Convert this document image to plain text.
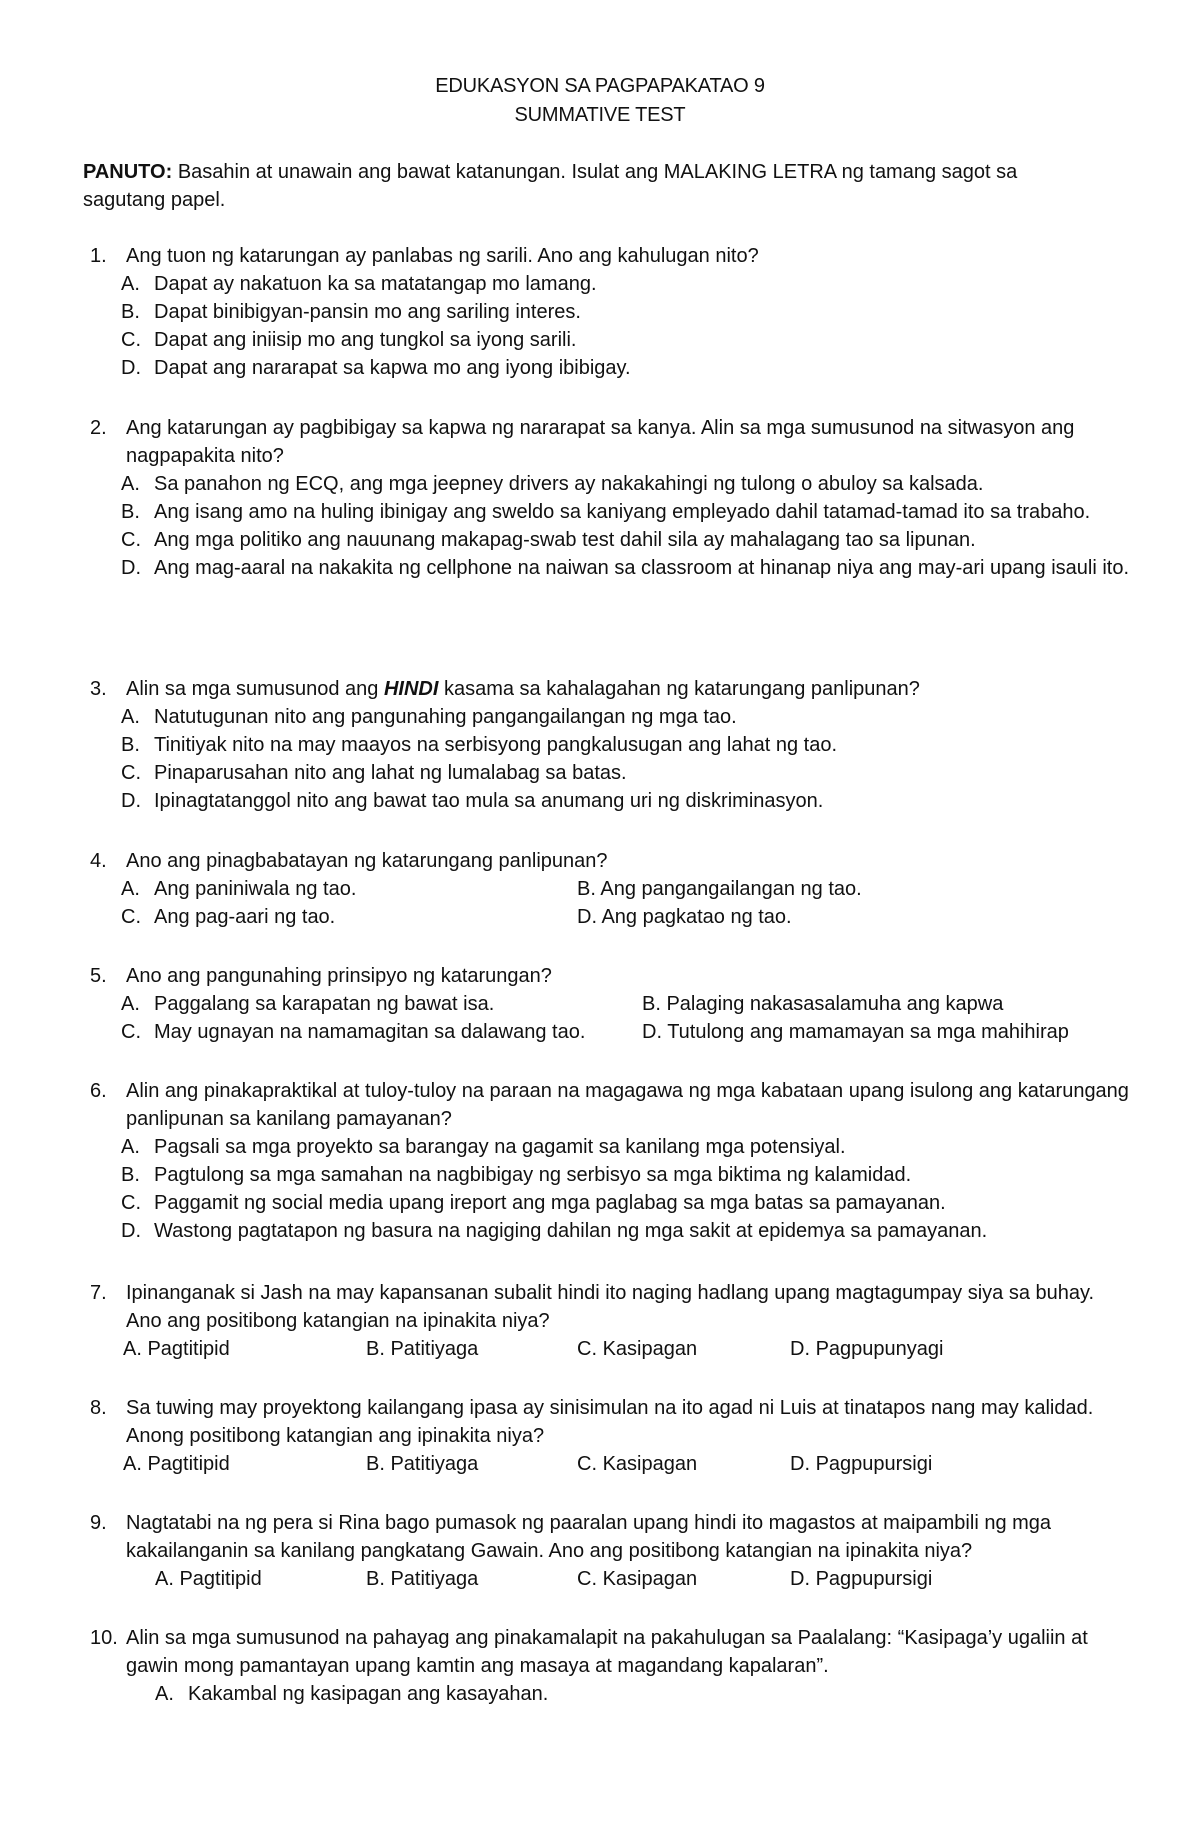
EDUKASYON SA PAGPAPAKATAO 9
SUMMATIVE TEST
PANUTO: Basahin at unawain ang bawat katanungan. Isulat ang MALAKING LETRA ng tamang sagot sa sagutang papel.
1. Ang tuon ng katarungan ay panlabas ng sarili. Ano ang kahulugan nito?
A. Dapat ay nakatuon ka sa matatangap mo lamang.
B. Dapat binibigyan-pansin mo ang sariling interes.
C. Dapat ang iniisip mo ang tungkol sa iyong sarili.
D. Dapat ang nararapat sa kapwa mo ang iyong ibibigay.
2. Ang katarungan ay pagbibigay sa kapwa ng nararapat sa kanya. Alin sa mga sumusunod na sitwasyon ang nagpapakita nito?
A. Sa panahon ng ECQ, ang mga jeepney drivers ay nakakahingi ng tulong o abuloy sa kalsada.
B. Ang isang amo na huling ibinigay ang sweldo sa kaniyang empleyado dahil tatamad-tamad ito sa trabaho.
C. Ang mga politiko ang nauunang makapag-swab test dahil sila ay mahalagang tao sa lipunan.
D. Ang mag-aaral na nakakita ng cellphone na naiwan sa classroom at hinanap niya ang may-ari upang isauli ito.
3. Alin sa mga sumusunod ang HINDI kasama sa kahalagahan ng katarungang panlipunan?
A. Natutugunan nito ang pangunahing pangangailangan ng mga tao.
B. Tinitiyak nito na may maayos na serbisyong pangkalusugan ang lahat ng tao.
C. Pinaparusahan nito ang lahat ng lumalabag sa batas.
D. Ipinagtatanggol nito ang bawat tao mula sa anumang uri ng diskriminasyon.
4. Ano ang pinagbabatayan ng katarungang panlipunan?
A. Ang paniniwala ng tao.	B. Ang pangangailangan ng tao.
C. Ang pag-aari ng tao.	D. Ang pagkatao ng tao.
5. Ano ang pangunahing prinsipyo ng katarungan?
A. Paggalang sa karapatan ng bawat isa.	B. Palaging nakasasalamuha ang kapwa
C. May ugnayan na namamagitan sa dalawang tao.	D. Tutulong ang mamamayan sa mga mahihirap
6. Alin ang pinakapraktikal at tuloy-tuloy na paraan na magagawa ng mga kabataan upang isulong ang katarungang panlipunan sa kanilang pamayanan?
A. Pagsali sa mga proyekto sa barangay na gagamit sa kanilang mga potensiyal.
B. Pagtulong sa mga samahan na nagbibigay ng serbisyo sa mga biktima ng kalamidad.
C. Paggamit ng social media upang ireport ang mga paglabag sa mga batas sa pamayanan.
D. Wastong pagtatapon ng basura na nagiging dahilan ng mga sakit at epidemya sa pamayanan.
7. Ipinanganak si Jash na may kapansanan subalit hindi ito naging hadlang upang magtagumpay siya sa buhay. Ano ang positibong katangian na ipinakita niya?
A. Pagtitipid	B. Patitiyaga	C. Kasipagan	D. Pagpupunyagi
8. Sa tuwing may proyektong kailangang ipasa ay sinisimulan na ito agad ni Luis at tinatapos nang may kalidad. Anong positibong katangian ang ipinakita niya?
A. Pagtitipid	B. Patitiyaga	C. Kasipagan	D. Pagpupursigi
9. Nagtatabi na ng pera si Rina bago pumasok ng paaralan upang hindi ito magastos at maipambili ng mga kakailanganin sa kanilang pangkatang Gawain. Ano ang positibong katangian na ipinakita niya?
A. Pagtitipid	B. Patitiyaga	C. Kasipagan	D. Pagpupursigi
10. Alin sa mga sumusunod na pahayag ang pinakamalapit na pakahulugan sa Paalalang: “Kasipaga’y ugaliin at gawin mong pamantayan upang kamtin ang masaya at magandang kapalaran”.
A. Kakambal ng kasipagan ang kasayahan.
